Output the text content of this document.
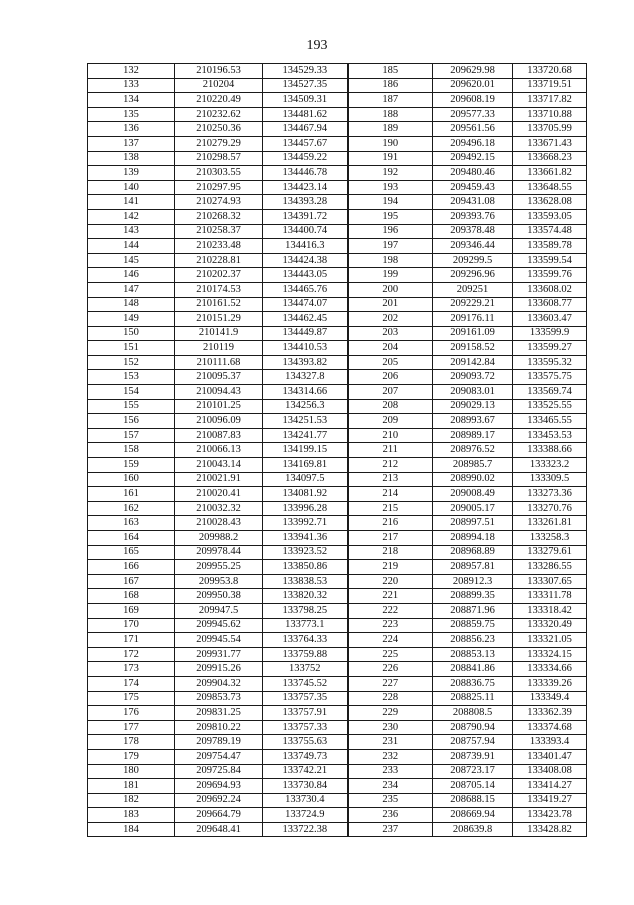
193
132	210196.53	134529.33	185	209629.98	133720.68
133	210204	134527.35	186	209620.01	133719.51
134	210220.49	134509.31	187	209608.19	133717.82
135	210232.62	134481.62	188	209577.33	133710.88
136	210250.36	134467.94	189	209561.56	133705.99
137	210279.29	134457.67	190	209496.18	133671.43
138	210298.57	134459.22	191	209492.15	133668.23
139	210303.55	134446.78	192	209480.46	133661.82
140	210297.95	134423.14	193	209459.43	133648.55
141	210274.93	134393.28	194	209431.08	133628.08
142	210268.32	134391.72	195	209393.76	133593.05
143	210258.37	134400.74	196	209378.48	133574.48
144	210233.48	134416.3	197	209346.44	133589.78
145	210228.81	134424.38	198	209299.5	133599.54
146	210202.37	134443.05	199	209296.96	133599.76
147	210174.53	134465.76	200	209251	133608.02
148	210161.52	134474.07	201	209229.21	133608.77
149	210151.29	134462.45	202	209176.11	133603.47
150	210141.9	134449.87	203	209161.09	133599.9
151	210119	134410.53	204	209158.52	133599.27
152	210111.68	134393.82	205	209142.84	133595.32
153	210095.37	134327.8	206	209093.72	133575.75
154	210094.43	134314.66	207	209083.01	133569.74
155	210101.25	134256.3	208	209029.13	133525.55
156	210096.09	134251.53	209	208993.67	133465.55
157	210087.83	134241.77	210	208989.17	133453.53
158	210066.13	134199.15	211	208976.52	133388.66
159	210043.14	134169.81	212	208985.7	133323.2
160	210021.91	134097.5	213	208990.02	133309.5
161	210020.41	134081.92	214	209008.49	133273.36
162	210032.32	133996.28	215	209005.17	133270.76
163	210028.43	133992.71	216	208997.51	133261.81
164	209988.2	133941.36	217	208994.18	133258.3
165	209978.44	133923.52	218	208968.89	133279.61
166	209955.25	133850.86	219	208957.81	133286.55
167	209953.8	133838.53	220	208912.3	133307.65
168	209950.38	133820.32	221	208899.35	133311.78
169	209947.5	133798.25	222	208871.96	133318.42
170	209945.62	133773.1	223	208859.75	133320.49
171	209945.54	133764.33	224	208856.23	133321.05
172	209931.77	133759.88	225	208853.13	133324.15
173	209915.26	133752	226	208841.86	133334.66
174	209904.32	133745.52	227	208836.75	133339.26
175	209853.73	133757.35	228	208825.11	133349.4
176	209831.25	133757.91	229	208808.5	133362.39
177	209810.22	133757.33	230	208790.94	133374.68
178	209789.19	133755.63	231	208757.94	133393.4
179	209754.47	133749.73	232	208739.91	133401.47
180	209725.84	133742.21	233	208723.17	133408.08
181	209694.93	133730.84	234	208705.14	133414.27
182	209692.24	133730.4	235	208688.15	133419.27
183	209664.79	133724.9	236	208669.94	133423.78
184	209648.41	133722.38	237	208639.8	133428.82
